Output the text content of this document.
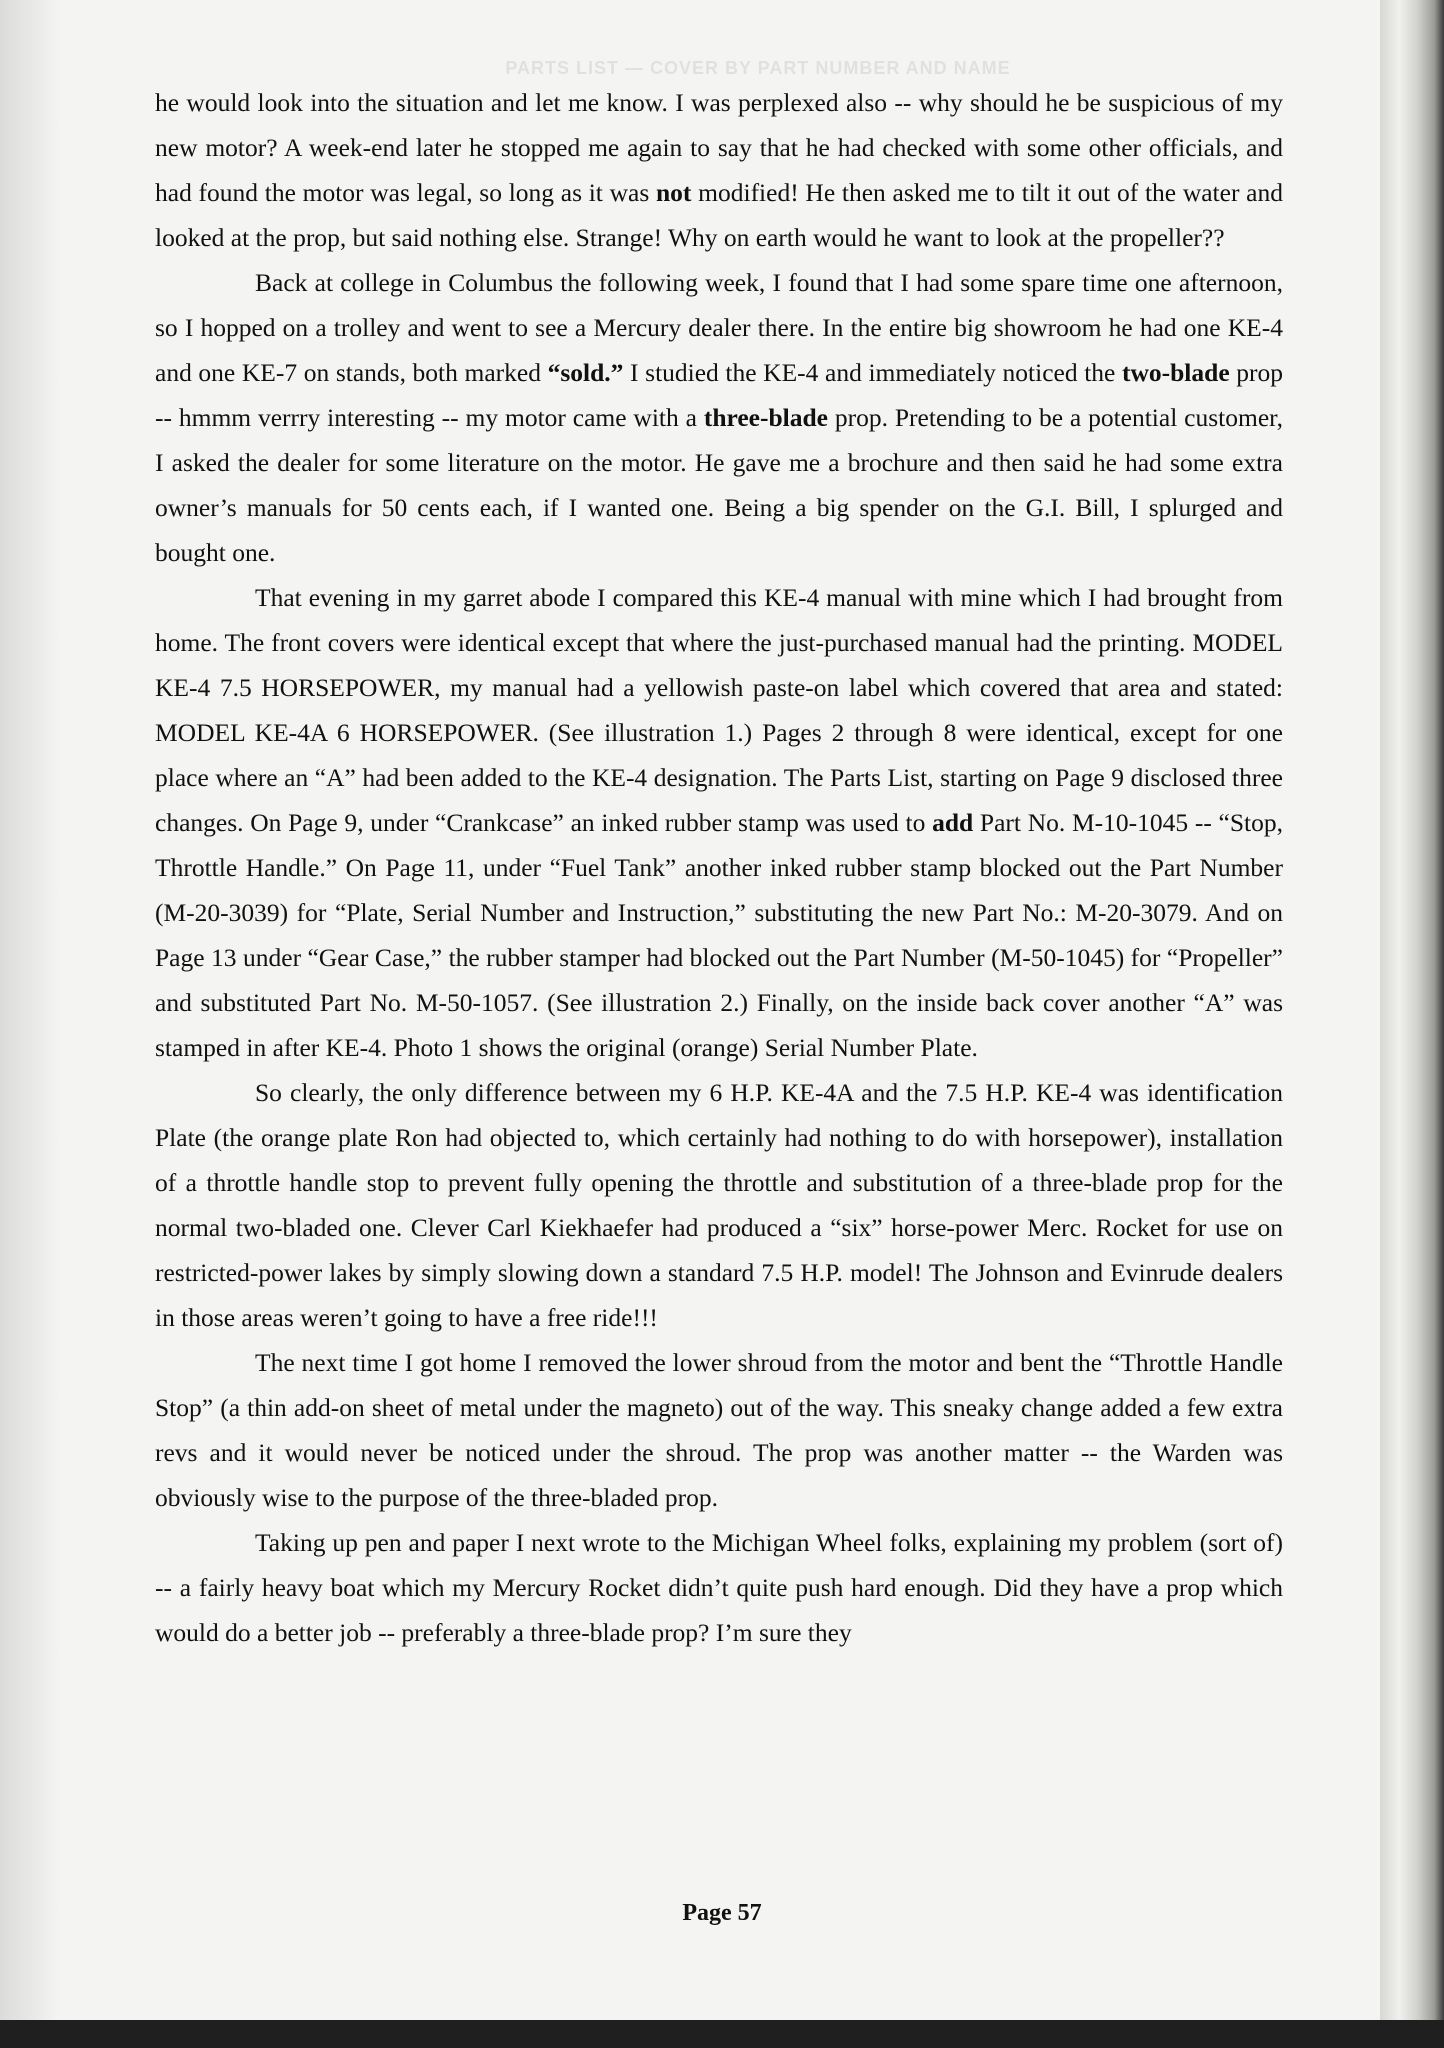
PARTS LIST — COVER BY PART NUMBER AND NAME

he would look into the situation and let me know. I was perplexed also -- why should he be suspicious of my new motor? A week-end later he stopped me again to say that he had checked with some other officials, and had found the motor was legal, so long as it was not modified! He then asked me to tilt it out of the water and looked at the prop, but said nothing else. Strange! Why on earth would he want to look at the propeller??

Back at college in Columbus the following week, I found that I had some spare time one afternoon, so I hopped on a trolley and went to see a Mercury dealer there. In the entire big showroom he had one KE-4 and one KE-7 on stands, both marked “sold.” I studied the KE-4 and immediately noticed the two-blade prop -- hmmm verrry interesting -- my motor came with a three-blade prop. Pretending to be a potential customer, I asked the dealer for some literature on the motor. He gave me a brochure and then said he had some extra owner’s manuals for 50 cents each, if I wanted one. Being a big spender on the G.I. Bill, I splurged and bought one.

That evening in my garret abode I compared this KE-4 manual with mine which I had brought from home. The front covers were identical except that where the just-purchased manual had the printing. MODEL KE-4 7.5 HORSEPOWER, my manual had a yellowish paste-on label which covered that area and stated: MODEL KE-4A 6 HORSEPOWER. (See illustration 1.) Pages 2 through 8 were identical, except for one place where an “A” had been added to the KE-4 designation. The Parts List, starting on Page 9 disclosed three changes. On Page 9, under “Crankcase” an inked rubber stamp was used to add Part No. M-10-1045 -- “Stop, Throttle Handle.” On Page 11, under “Fuel Tank” another inked rubber stamp blocked out the Part Number (M-20-3039) for “Plate, Serial Number and Instruction,” substituting the new Part No.: M-20-3079. And on Page 13 under “Gear Case,” the rubber stamper had blocked out the Part Number (M-50-1045) for “Propeller” and substituted Part No. M-50-1057. (See illustration 2.) Finally, on the inside back cover another “A” was stamped in after KE-4. Photo 1 shows the original (orange) Serial Number Plate.

So clearly, the only difference between my 6 H.P. KE-4A and the 7.5 H.P. KE-4 was identification Plate (the orange plate Ron had objected to, which certainly had nothing to do with horsepower), installation of a throttle handle stop to prevent fully opening the throttle and substitution of a three-blade prop for the normal two-bladed one. Clever Carl Kiekhaefer had produced a “six” horse-power Merc. Rocket for use on restricted-power lakes by simply slowing down a standard 7.5 H.P. model! The Johnson and Evinrude dealers in those areas weren’t going to have a free ride!!!

The next time I got home I removed the lower shroud from the motor and bent the “Throttle Handle Stop” (a thin add-on sheet of metal under the magneto) out of the way. This sneaky change added a few extra revs and it would never be noticed under the shroud. The prop was another matter -- the Warden was obviously wise to the purpose of the three-bladed prop.

Taking up pen and paper I next wrote to the Michigan Wheel folks, explaining my problem (sort of) -- a fairly heavy boat which my Mercury Rocket didn’t quite push hard enough. Did they have a prop which would do a better job -- preferably a three-blade prop? I’m sure they

Page 57
